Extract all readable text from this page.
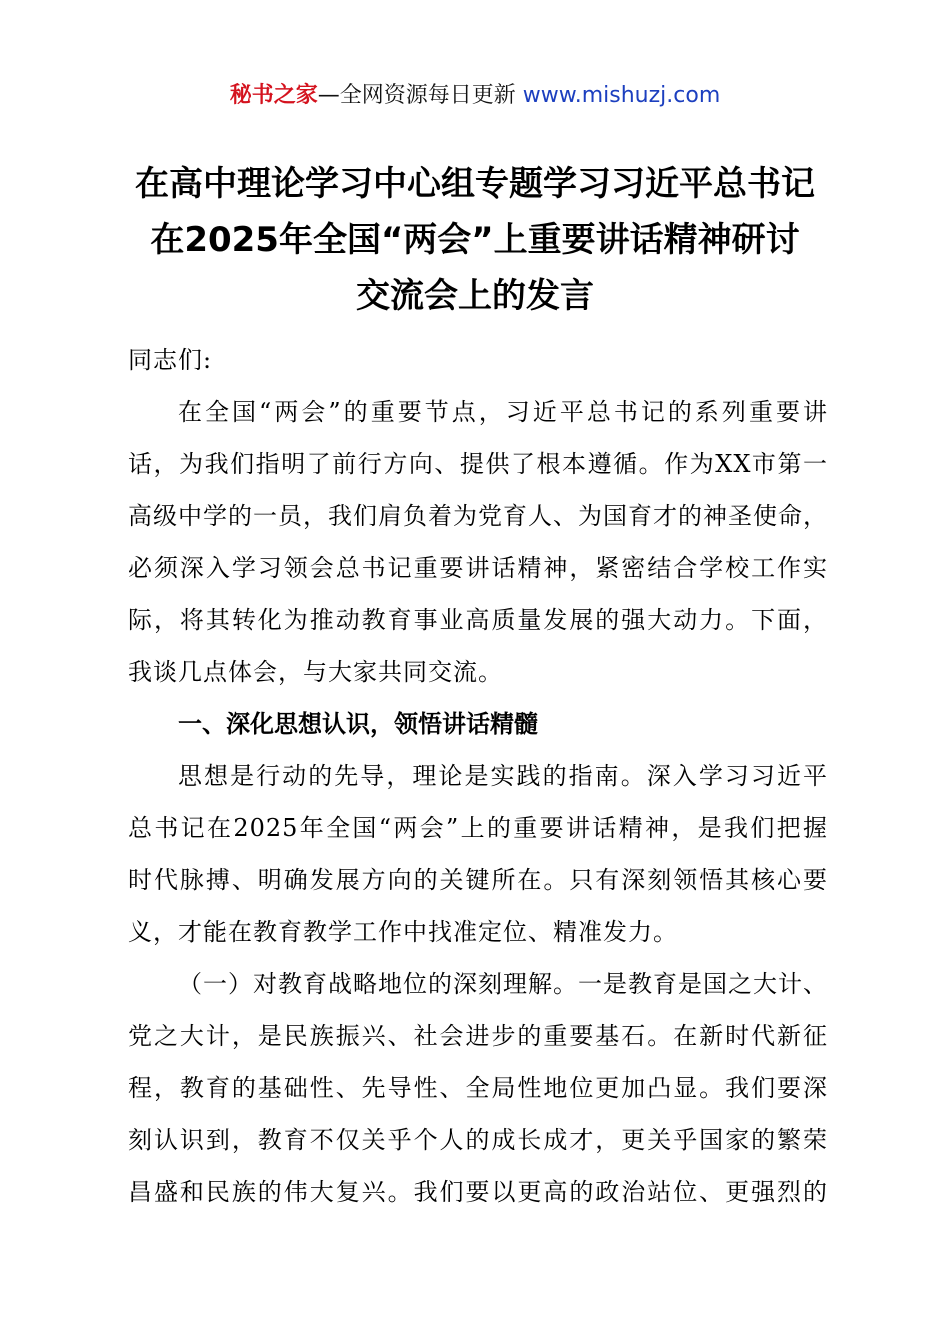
秘书之家—全网资源每日更新 www.mishuzj.com
在高中理论学习中心组专题学习习近平总书记
在2025年全国“两会”上重要讲话精神研讨
交流会上的发言
同志们:
在全国“两会”的重要节点，习近平总书记的系列重要讲
话，为我们指明了前行方向、提供了根本遵循。作为XX市第一
高级中学的一员，我们肩负着为党育人、为国育才的神圣使命，
必须深入学习领会总书记重要讲话精神，紧密结合学校工作实
际，将其转化为推动教育事业高质量发展的强大动力。下面，
我谈几点体会，与大家共同交流。
一、深化思想认识，领悟讲话精髓
思想是行动的先导，理论是实践的指南。深入学习习近平
总书记在2025年全国“两会”上的重要讲话精神，是我们把握
时代脉搏、明确发展方向的关键所在。只有深刻领悟其核心要
义，才能在教育教学工作中找准定位、精准发力。
（一）对教育战略地位的深刻理解。一是教育是国之大计、
党之大计，是民族振兴、社会进步的重要基石。在新时代新征
程，教育的基础性、先导性、全局性地位更加凸显。我们要深
刻认识到，教育不仅关乎个人的成长成才，更关乎国家的繁荣
昌盛和民族的伟大复兴。我们要以更高的政治站位、更强烈的
